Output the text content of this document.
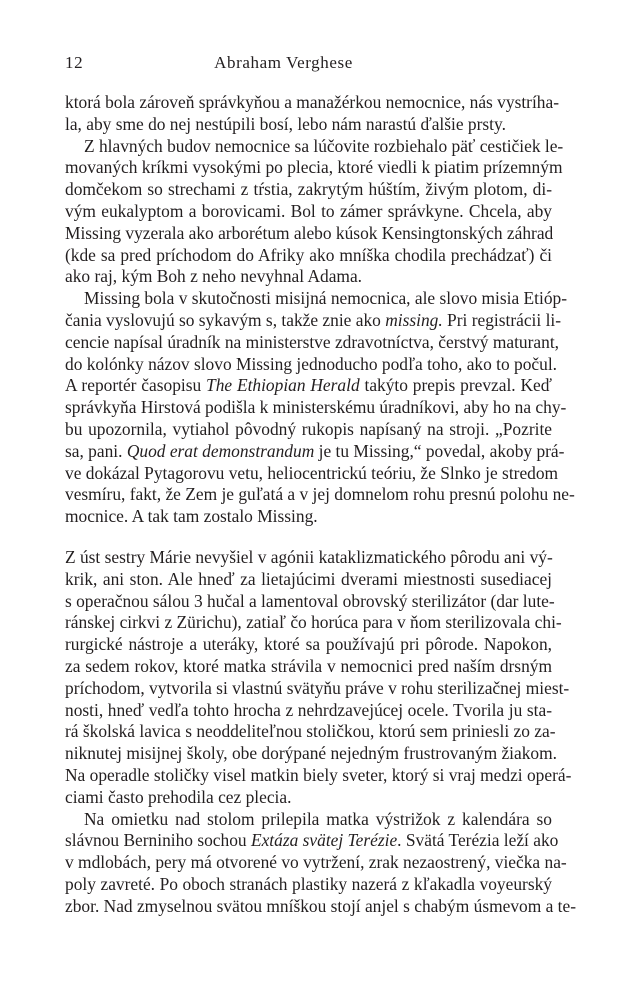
12	Abraham Verghese
ktorá bola zároveň správkyňou a manažérkou nemocnice, nás vystríha-
la, aby sme do nej nestúpili bosí, lebo nám narastú ďalšie prsty.
Z hlavných budov nemocnice sa lúčovite rozbiehalo päť cestičiek le-
movaných kríkmi vysokými po plecia, ktoré viedli k piatim prízemným
domčekom so strechami z tŕstia, zakrytým húštím, živým plotom, di-
vým eukalyptom a borovicami. Bol to zámer správkyne. Chcela, aby
Missing vyzerala ako arborétum alebo kúsok Kensingtonských záhrad
(kde sa pred príchodom do Afriky ako mníška chodila prechádzať) či
ako raj, kým Boh z neho nevyhnal Adama.
Missing bola v skutočnosti misijná nemocnica, ale slovo misia Etióp-
čania vyslovujú so sykavým s, takže znie ako missing. Pri registrácii li-
cencie napísal úradník na ministerstve zdravotníctva, čerstvý maturant,
do kolónky názov slovo Missing jednoducho podľa toho, ako to počul.
A reportér časopisu The Ethiopian Herald takýto prepis prevzal. Keď
správkyňa Hirstová podišla k ministerskému úradníkovi, aby ho na chy-
bu upozornila, vytiahol pôvodný rukopis napísaný na stroji. „Pozrite
sa, pani. Quod erat demonstrandum je tu Missing,“ povedal, akoby prá-
ve dokázal Pytagorovu vetu, heliocentrickú teóriu, že Slnko je stredom
vesmíru, fakt, že Zem je guľatá a v jej domnelom rohu presnú polohu ne-
mocnice. A tak tam zostalo Missing.
Z úst sestry Márie nevyšiel v agónii kataklizmatického pôrodu ani vý-
krik, ani ston. Ale hneď za lietajúcimi dverami miestnosti susediacej
s operačnou sálou 3 hučal a lamentoval obrovský sterilizátor (dar lute-
ránskej cirkvi z Zürichu), zatiaľ čo horúca para v ňom sterilizovala chi-
rurgické nástroje a uteráky, ktoré sa používajú pri pôrode. Napokon,
za sedem rokov, ktoré matka strávila v nemocnici pred naším drsným
príchodom, vytvorila si vlastnú svätyňu práve v rohu sterilizačnej miest-
nosti, hneď vedľa tohto hrocha z nehrdzavejúcej ocele. Tvorila ju sta-
rá školská lavica s neoddeliteľnou stoličkou, ktorú sem priniesli zo za-
niknutej misijnej školy, obe dorýpané nejedným frustrovaným žiakom.
Na operadle stoličky visel matkin biely sveter, ktorý si vraj medzi operá-
ciami často prehodila cez plecia.
Na omietku nad stolom prilepila matka výstrižok z kalendára so
slávnou Berniniho sochou Extáza svätej Terézie. Svätá Terézia leží ako
v mdlobách, pery má otvorené vo vytržení, zrak nezaostrený, viečka na-
poly zavreté. Po oboch stranách plastiky nazerá z kľakadla voyeurský
zbor. Nad zmyselnou svätou mníškou stojí anjel s chabým úsmevom a te-
